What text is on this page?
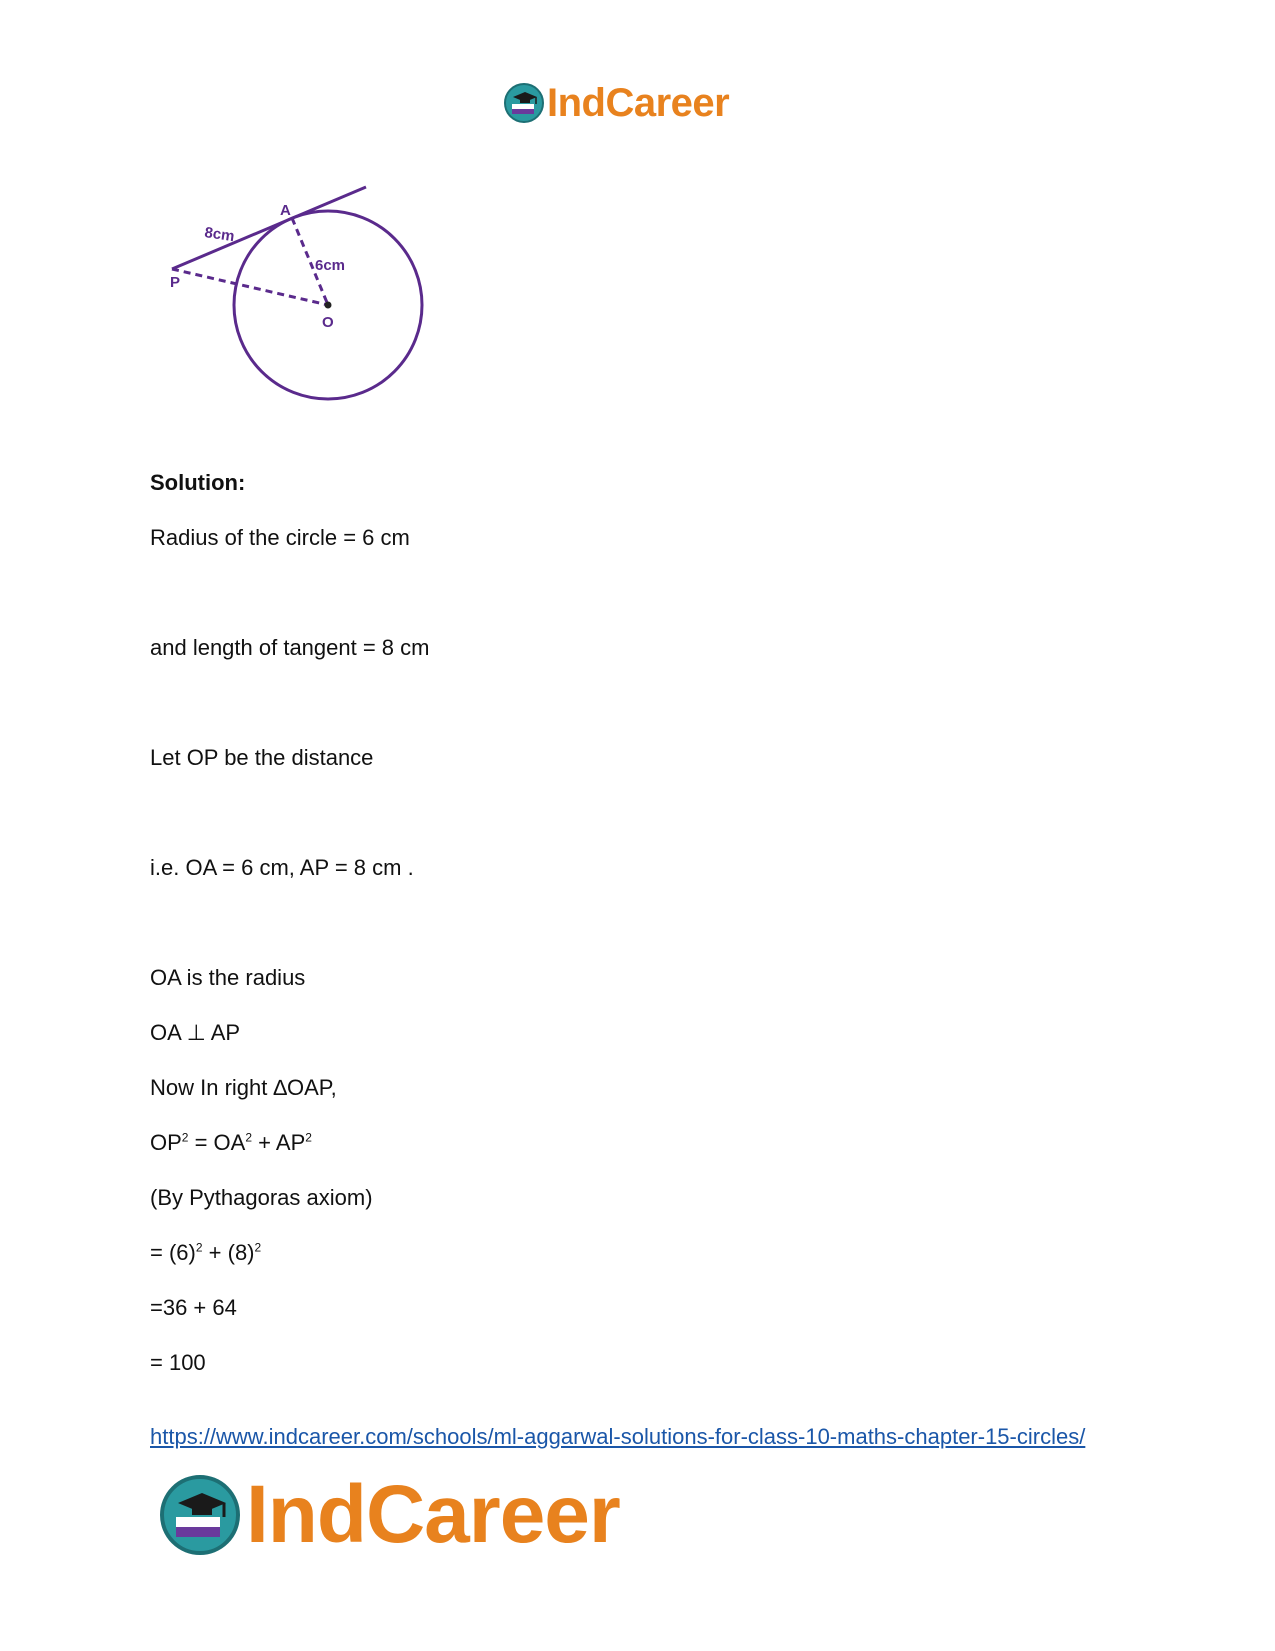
IndCareer
8cm
6cm
A
P
O
Solution:
Radius of the circle = 6 cm
and length of tangent = 8 cm
Let OP be the distance
i.e. OA = 6 cm, AP = 8 cm .
OA is the radius
OA ⊥ AP
Now In right ∆OAP,
$OP^2 = OA^2 + AP^2$
(By Pythagoras axiom)
= $(6)^2 + (8)^2$
=36 + 64
= 100
https://www.indcareer.com/schools/ml-aggarwal-solutions-for-class-10-maths-chapter-15-circles/
IndCareer
